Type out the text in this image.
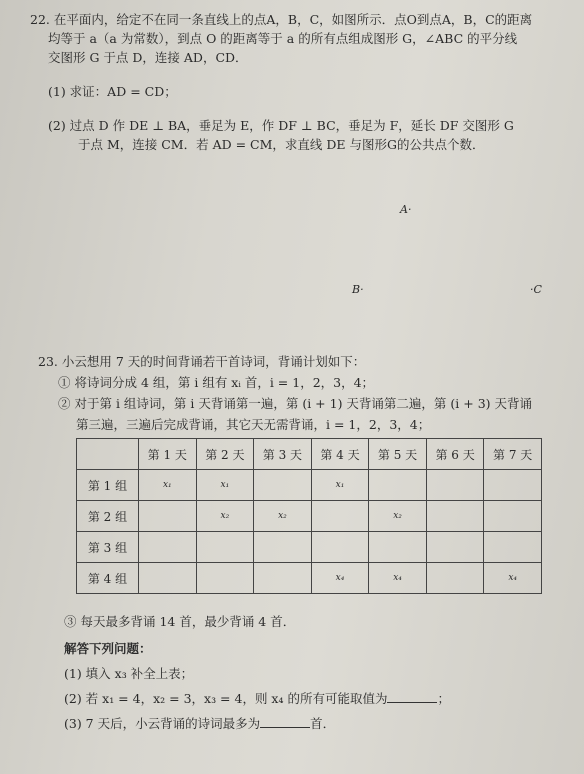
22. 在平面内，给定不在同一条直线上的点A，B，C，如图所示．点O到点A，B，C的距离
均等于 a（a 为常数），到点 O 的距离等于 a 的所有点组成图形 G，∠ABC 的平分线
交图形 G 于点 D，连接 AD，CD．
(1) 求证：AD = CD；
(2) 过点 D 作 DE ⊥ BA，垂足为 E，作 DF ⊥ BC，垂足为 F，延长 DF 交图形 G
于点 M，连接 CM．若 AD = CM，求直线 DE 与图形G的公共点个数．
A·
B·	·C
23. 小云想用 7 天的时间背诵若干首诗词，背诵计划如下：
① 将诗词分成 4 组，第 i 组有 xᵢ 首，i = 1，2，3，4；
② 对于第 i 组诗词，第 i 天背诵第一遍，第 (i + 1) 天背诵第二遍，第 (i + 3) 天背诵
第三遍，三遍后完成背诵，其它天无需背诵，i = 1，2，3，4；
	第 1 天	第 2 天	第 3 天	第 4 天	第 5 天	第 6 天	第 7 天
第 1 组	x₁	x₁		x₁			
第 2 组		x₂	x₂		x₂		
第 3 组							
第 4 组				x₄	x₄		x₄
③ 每天最多背诵 14 首，最少背诵 4 首．
解答下列问题：
(1) 填入 x₃ 补全上表；
(2) 若 x₁ = 4，x₂ = 3，x₃ = 4，则 x₄ 的所有可能取值为	；
(3) 7 天后，小云背诵的诗词最多为	首．
